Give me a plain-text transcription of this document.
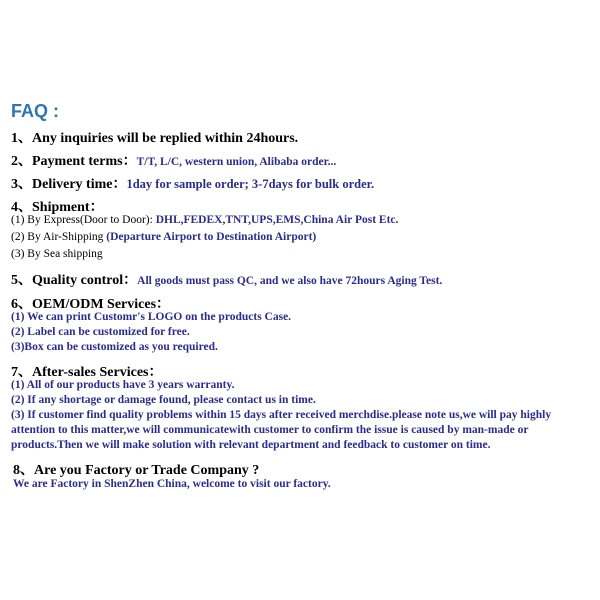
FAQ :
1、Any inquiries will be replied within 24hours.
2、Payment terms：T/T, L/C, western union, Alibaba order...
3、Delivery time：1day for sample order; 3-7days for bulk order.
4、Shipment：
(1) By Express(Door to Door): DHL,FEDEX,TNT,UPS,EMS,China Air Post Etc.
(2) By Air-Shipping (Departure Airport to Destination Airport)
(3) By Sea shipping
5、Quality control：All goods must pass QC, and we also have 72hours Aging Test.
6、OEM/ODM Services：
(1) We can print Customr's LOGO on the products Case.
(2) Label can be customized for free.
(3)Box can be customized as you required.
7、After-sales Services：
(1) All of our products have 3 years warranty.
(2) If any shortage or damage found, please contact us in time.
(3) If customer find quality problems within 15 days after received merchdise.please note us,we will pay highly
attention to this matter,we will communicatewith customer to confirm the issue is caused by man-made or
products.Then we will make solution with relevant department and feedback to customer on time.
8、Are you Factory or Trade Company ?
We are Factory in ShenZhen China, welcome to visit our factory.
